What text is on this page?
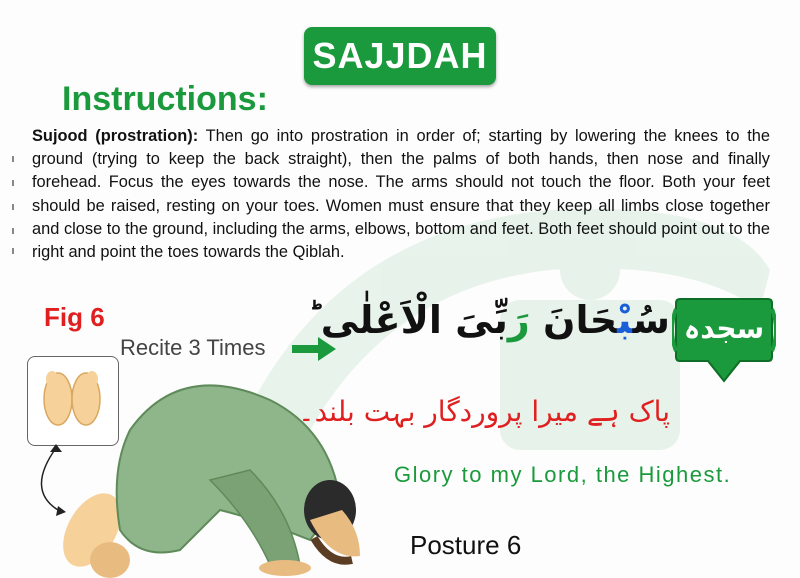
SAJJDAH
Instructions:

Sujood (prostration): Then go into prostration in order of; starting by lowering the knees to the ground (trying to keep the back straight), then the palms of both hands, then nose and finally forehead. Focus the eyes towards the nose. The arms should not touch the floor. Both your feet should be raised, resting on your toes. Women must ensure that they keep all limbs close together and close to the ground, including the arms, elbows, bottom and feet. Both feet should point out to the right and point the toes towards the Qiblah.

Fig 6
Recite 3 Times
سُبْحَانَ رَبِّیَ الْاَعْلٰی ؕ	سجدہ
پاک ہے میرا پروردگار بہت بلند۔
Glory to my Lord, the Highest.
Posture 6
